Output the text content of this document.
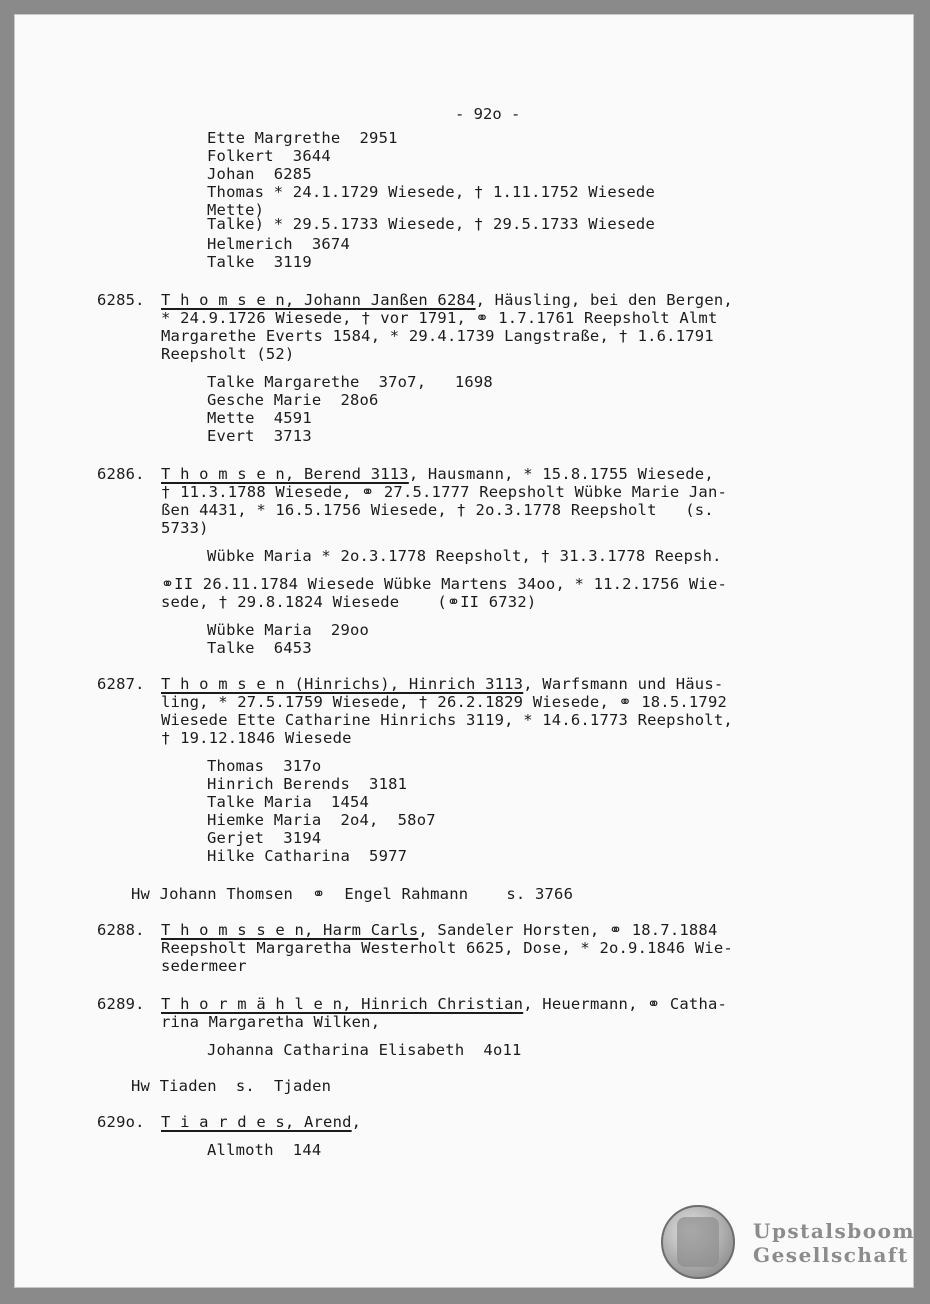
- 92o -
Ette Margrethe  2951
Folkert  3644
Johan  6285
Thomas * 24.1.1729 Wiesede, † 1.11.1752 Wiesede
Mette)
Talke) * 29.5.1733 Wiesede, † 29.5.1733 Wiesede
Helmerich  3674
Talke  3119
6285. T h o m s e n, Johann Janßen 6284, Häusling, bei den Bergen,
* 24.9.1726 Wiesede, † vor 1791, ⚭ 1.7.1761 Reepsholt Almt
Margarethe Everts 1584, * 29.4.1739 Langstraße, † 1.6.1791
Reepsholt (52)
Talke Margarethe  37o7,   1698
Gesche Marie  28o6
Mette  4591
Evert  3713
6286. T h o m s e n, Berend 3113, Hausmann, * 15.8.1755 Wiesede,
† 11.3.1788 Wiesede, ⚭ 27.5.1777 Reepsholt Wübke Marie Jan-
ßen 4431, * 16.5.1756 Wiesede, † 2o.3.1778 Reepsholt   (s.
5733)
Wübke Maria * 2o.3.1778 Reepsholt, † 31.3.1778 Reepsh.
⚭II 26.11.1784 Wiesede Wübke Martens 34oo, * 11.2.1756 Wie-
sede, † 29.8.1824 Wiesede    (⚭II 6732)
Wübke Maria  29oo
Talke  6453
6287. T h o m s e n (Hinrichs), Hinrich 3113, Warfsmann und Häus-
ling, * 27.5.1759 Wiesede, † 26.2.1829 Wiesede, ⚭ 18.5.1792
Wiesede Ette Catharine Hinrichs 3119, * 14.6.1773 Reepsholt,
† 19.12.1846 Wiesede
Thomas  317o
Hinrich Berends  3181
Talke Maria  1454
Hiemke Maria  2o4,  58o7
Gerjet  3194
Hilke Catharina  5977
Hw Johann Thomsen  ⚭  Engel Rahmann    s. 3766
6288. T h o m s s e n, Harm Carls, Sandeler Horsten, ⚭ 18.7.1884
Reepsholt Margaretha Westerholt 6625, Dose, * 2o.9.1846 Wie-
sedermeer
6289. T h o r m ä h l e n, Hinrich Christian, Heuermann, ⚭ Catha-
rina Margaretha Wilken,
Johanna Catharina Elisabeth  4o11
Hw Tiaden  s.  Tjaden
629o. T i a r d e s, Arend,
Allmoth  144
Upstalsboom
Gesellschaft
